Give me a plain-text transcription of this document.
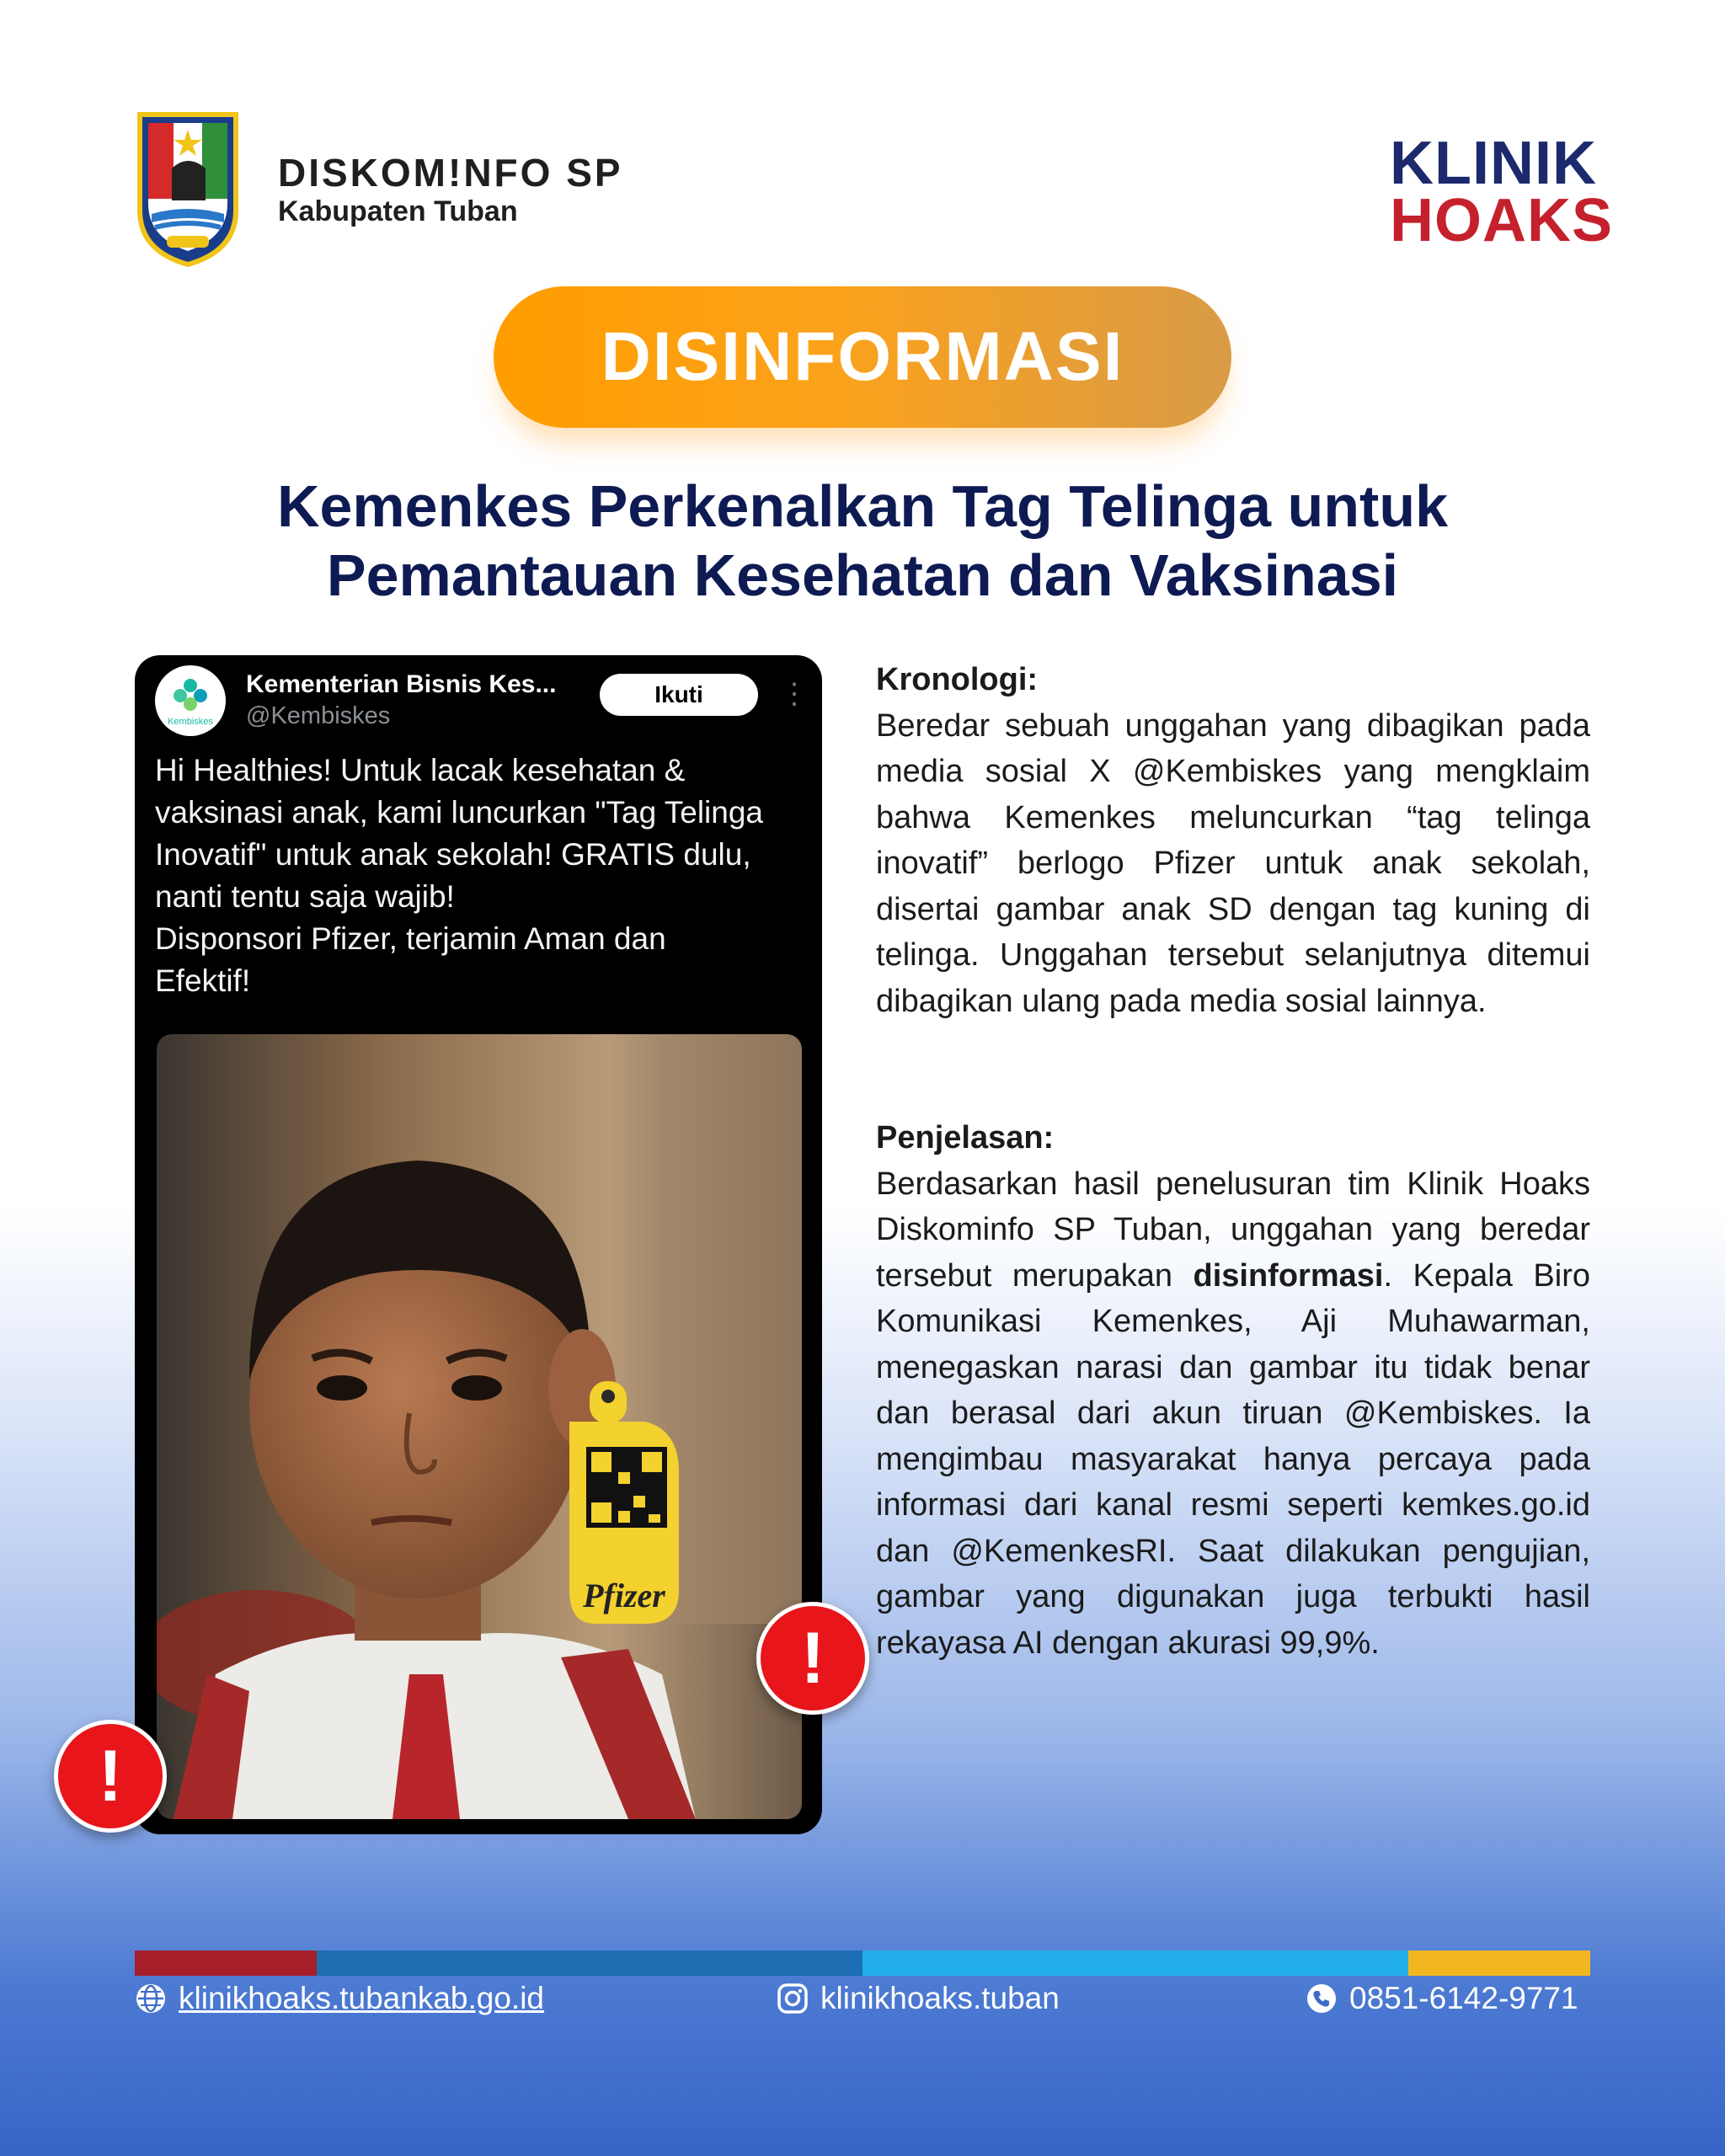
DISKOM!NFO SP
Kabupaten Tuban
KLINIK
HOAKS
DISINFORMASI
Kemenkes Perkenalkan Tag Telinga untuk
Pemantauan Kesehatan dan Vaksinasi
Kembiskes
Kementerian Bisnis Kes...
@Kembiskes
Ikuti	⋮
Hi Healthies! Untuk lacak kesehatan &
vaksinasi anak, kami luncurkan "Tag Telinga
Inovatif" untuk anak sekolah! GRATIS dulu,
nanti tentu saja wajib!
Disponsori Pfizer, terjamin Aman dan
Efektif!
Pfizer
!
!

Kronologi:

Beredar sebuah unggahan yang dibagikan pada media sosial X @Kembiskes yang mengklaim bahwa Kemenkes meluncurkan “tag telinga inovatif” berlogo Pfizer untuk anak sekolah, disertai gambar anak SD dengan tag kuning di telinga. Unggahan tersebut selanjutnya ditemui dibagikan ulang pada media sosial lainnya.

Penjelasan:

Berdasarkan hasil penelusuran tim Klinik Hoaks Diskominfo SP Tuban, unggahan yang beredar tersebut merupakan disinformasi. Kepala Biro Komunikasi Kemenkes, Aji Muhawarman, menegaskan narasi dan gambar itu tidak benar dan berasal dari akun tiruan @Kembiskes. Ia mengimbau masyarakat hanya percaya pada informasi dari kanal resmi seperti kemkes.go.id dan @KemenkesRI. Saat dilakukan pengujian, gambar yang digunakan juga terbukti hasil rekayasa AI dengan akurasi 99,9%.

klinikhoaks.tubankab.go.id	klinikhoaks.tuban	0851-6142-9771
